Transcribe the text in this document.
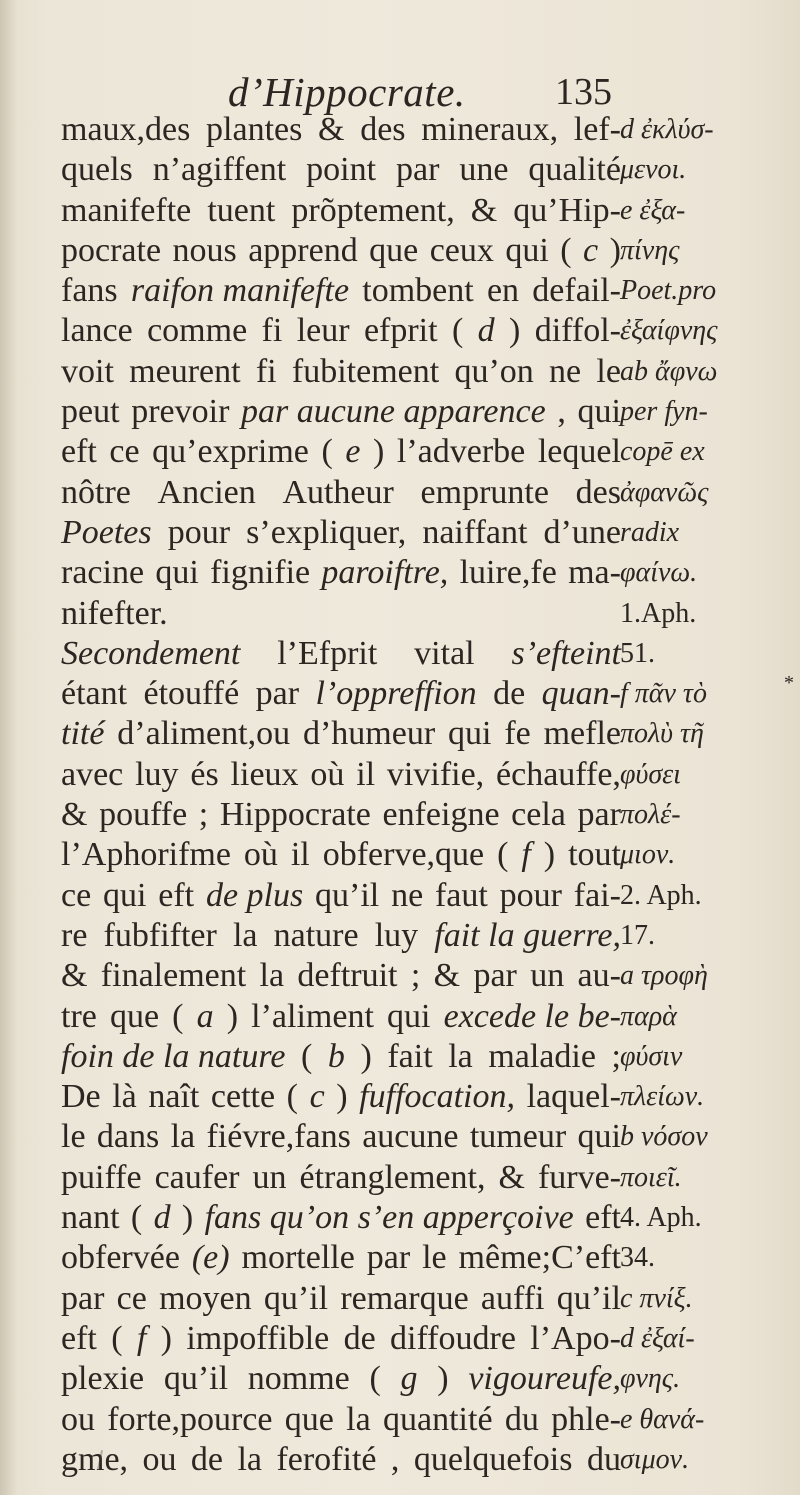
d’Hippocrate. 135
maux,des plantes & des mineraux, lef-
quels n’agiffent point par une qualité
manifefte tuent prõptement, & qu’Hip-
pocrate nous apprend que ceux qui ( c )
fans raifon manifefte tombent en defail-
lance comme fi leur efprit ( d ) diffol-
voit meurent fi fubitement qu’on ne le
peut prevoir par aucune apparence , qui
eft ce qu’exprime ( e ) l’adverbe lequel
nôtre Ancien Autheur emprunte des
Poetes pour s’expliquer, naiffant d’une
racine qui fignifie paroiftre, luire,fe ma-
nifefter.
Secondement l’Efprit vital s’efteint
étant étouffé par l’oppreffion de quan-
tité d’aliment,ou d’humeur qui fe mefle
avec luy és lieux où il vivifie, échauffe,
& pouffe ; Hippocrate enfeigne cela par
l’Aphorifme où il obferve,que ( f ) tout
ce qui eft de plus qu’il ne faut pour fai-
re fubfifter la nature luy fait la guerre,
& finalement la deftruit ; & par un au-
tre que ( a ) l’aliment qui excede le be-
foin de la nature ( b ) fait la maladie ;
De là naît cette ( c ) fuffocation, laquel-
le dans la fiévre,fans aucune tumeur qui
puiffe caufer un étranglement, & furve-
nant ( d ) fans qu’on s’en apperçoive eft
obfervée (e) mortelle par le même;C’eft
par ce moyen qu’il remarque auffi qu’il
eft ( f ) impoffible de diffoudre l’Apo-
plexie qu’il nomme ( g ) vigoureufe,
ou forte,pource que la quantité du phle-
gme, ou de la ferofité , quelquefois du
d ἐκλύσ-
μενοι.
e ἐξα-
πίνης
Poet.pro
ἐξαίφνης
ab ἄφνω
per fyn-
copē ex
ἀφανῶς
radix
φαίνω.
1.Aph.
51.
f πᾶν τὸ
πολὺ τῆ
φύσει
πολέ-
μιον.
2. Aph.
17.
a τροφὴ
παρὰ
φύσιν
πλείων.
b νόσον
ποιεῖ.
4. Aph.
34.
c πνίξ.
d ἐξαί-
φνης.
e θανά-
σιμον.
*
